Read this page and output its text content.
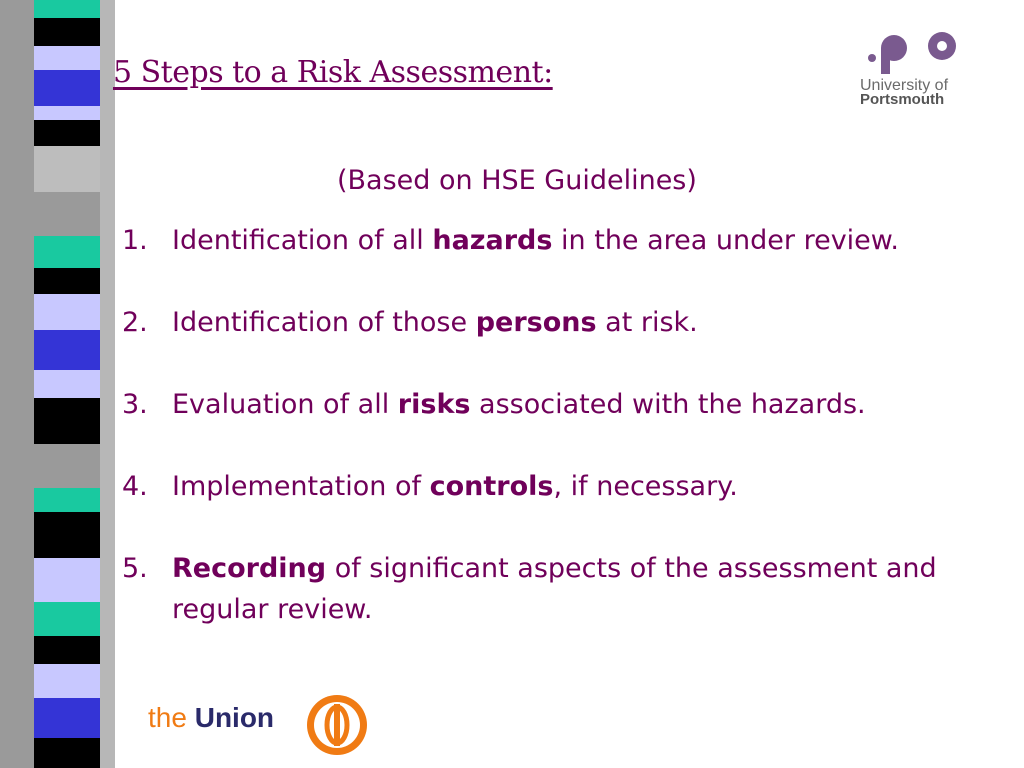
5 Steps to a Risk Assessment:
(Based on HSE Guidelines)
1. Identification of all hazards in the area under review.
2. Identification of those persons at risk.
3. Evaluation of all risks associated with the hazards.
4. Implementation of controls, if necessary.
5. Recording of significant aspects of the assessment and regular review.
University of
Portsmouth
the Union
